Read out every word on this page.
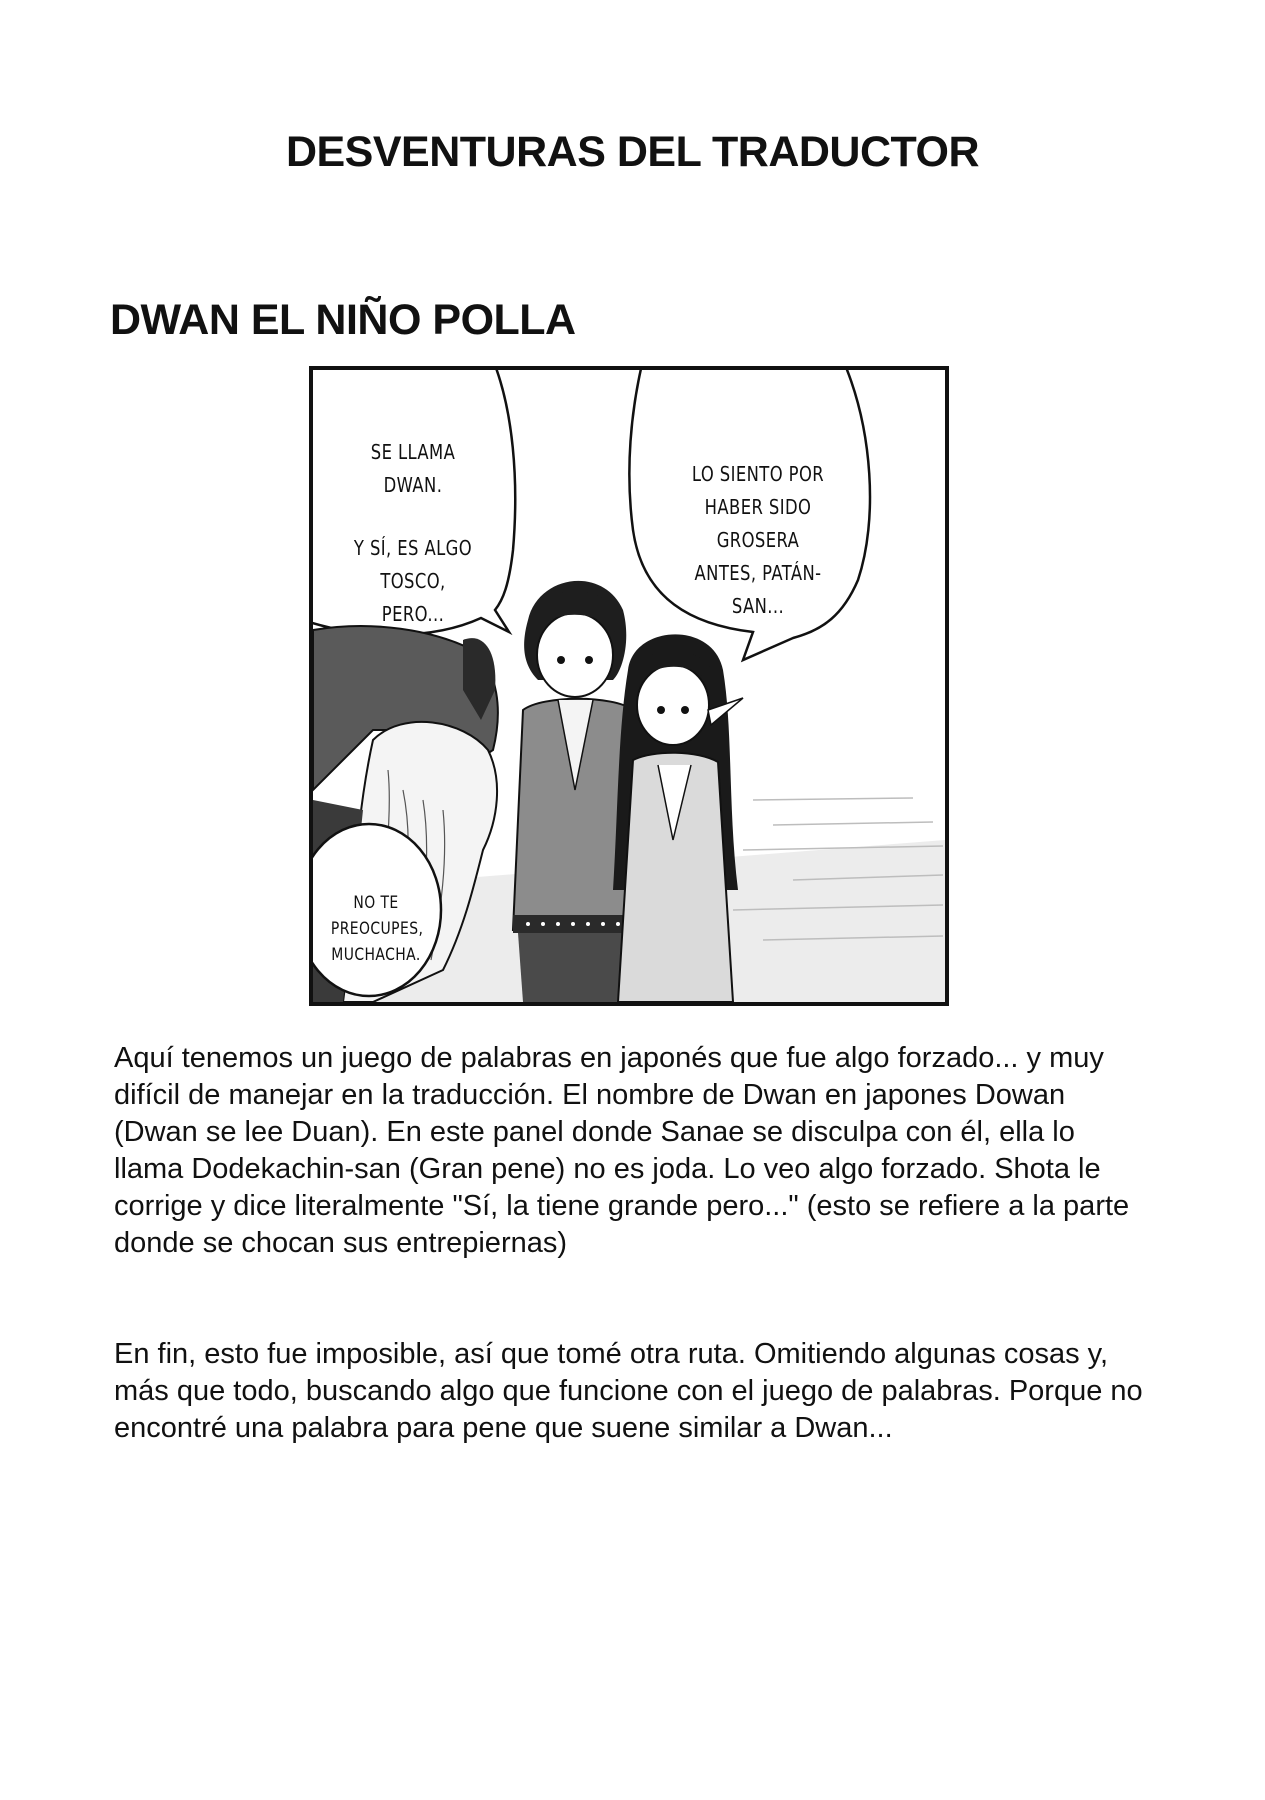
DESVENTURAS DEL TRADUCTOR
DWAN EL NIÑO POLLA
SE LLAMA DWAN.
Y SÍ, ES ALGO TOSCO, PERO...
LO SIENTO POR HABER SIDO GROSERA ANTES, PATÁN-SAN...
NO TE PREOCUPES, MUCHACHA.

Aquí tenemos un juego de palabras en japonés que fue algo forzado... y muy difícil de manejar en la traducción. El nombre de Dwan en japones Dowan (Dwan se lee Duan). En este panel donde Sanae se disculpa con él, ella lo llama Dodekachin-san (Gran pene) no es joda. Lo veo algo forzado. Shota le corrige y dice literalmente "Sí, la tiene grande pero..." (esto se refiere a la parte donde se chocan sus entrepiernas)

En fin, esto fue imposible, así que tomé otra ruta. Omitiendo algunas cosas y, más que todo, buscando algo que funcione con el juego de palabras. Porque no encontré una palabra para pene que suene similar a Dwan...
